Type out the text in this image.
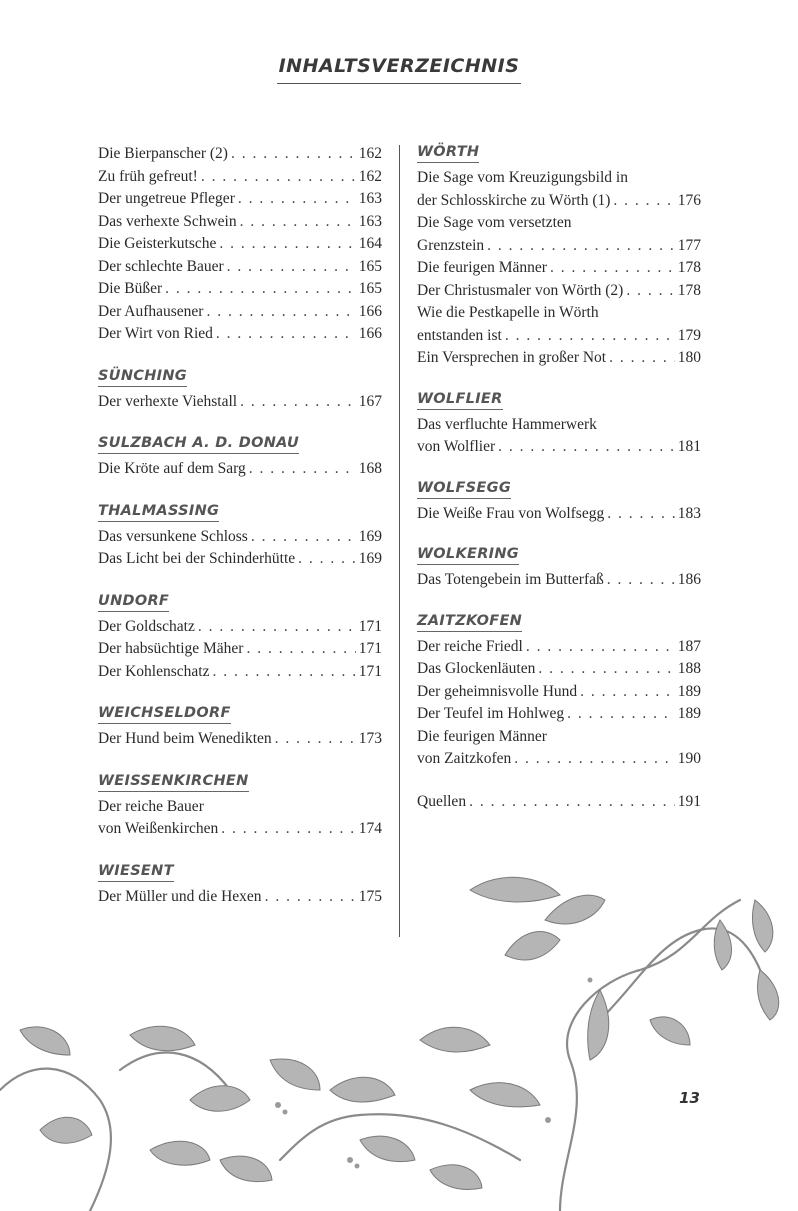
INHALTSVERZEICHNIS
Die Bierpanscher (2) . . .	162
Zu früh gefreut! . . .	162
Der ungetreue Pfleger . . .	163
Das verhexte Schwein . . .	163
Die Geisterkutsche . . .	164
Der schlechte Bauer . . .	165
Die Büßer . . .	165
Der Aufhausener . . .	166
Der Wirt von Ried . . .	166
SÜNCHING
Der verhexte Viehstall . . .	167
SULZBACH A. D. DONAU
Die Kröte auf dem Sarg . . .	168
THALMASSING
Das versunkene Schloss . . .	169
Das Licht bei der Schinderhütte . . .	169
UNDORF
Der Goldschatz . . .	171
Der habsüchtige Mäher . . .	171
Der Kohlenschatz . . .	171
WEICHSELDORF
Der Hund beim Wenedikten . . .	173
WEISSENKIRCHEN
Der reiche Bauer
von Weißenkirchen . . .	174
WIESENT
Der Müller und die Hexen . . .	175
WÖRTH
Die Sage vom Kreuzigungsbild in
der Schlosskirche zu Wörth (1) . . .	176
Die Sage vom versetzten
Grenzstein . . .	177
Die feurigen Männer . . .	178
Der Christusmaler von Wörth (2) . . .	178
Wie die Pestkapelle in Wörth
entstanden ist . . .	179
Ein Versprechen in großer Not . . .	180
WOLFLIER
Das verfluchte Hammerwerk
von Wolflier . . .	181
WOLFSEGG
Die Weiße Frau von Wolfsegg . . .	183
WOLKERING
Das Totengebein im Butterfaß . . .	186
ZAITZKOFEN
Der reiche Friedl . . .	187
Das Glockenläuten . . .	188
Der geheimnisvolle Hund . . .	189
Der Teufel im Hohlweg . . .	189
Die feurigen Männer
von Zaitzkofen . . .	190
Quellen . . .	191
13
